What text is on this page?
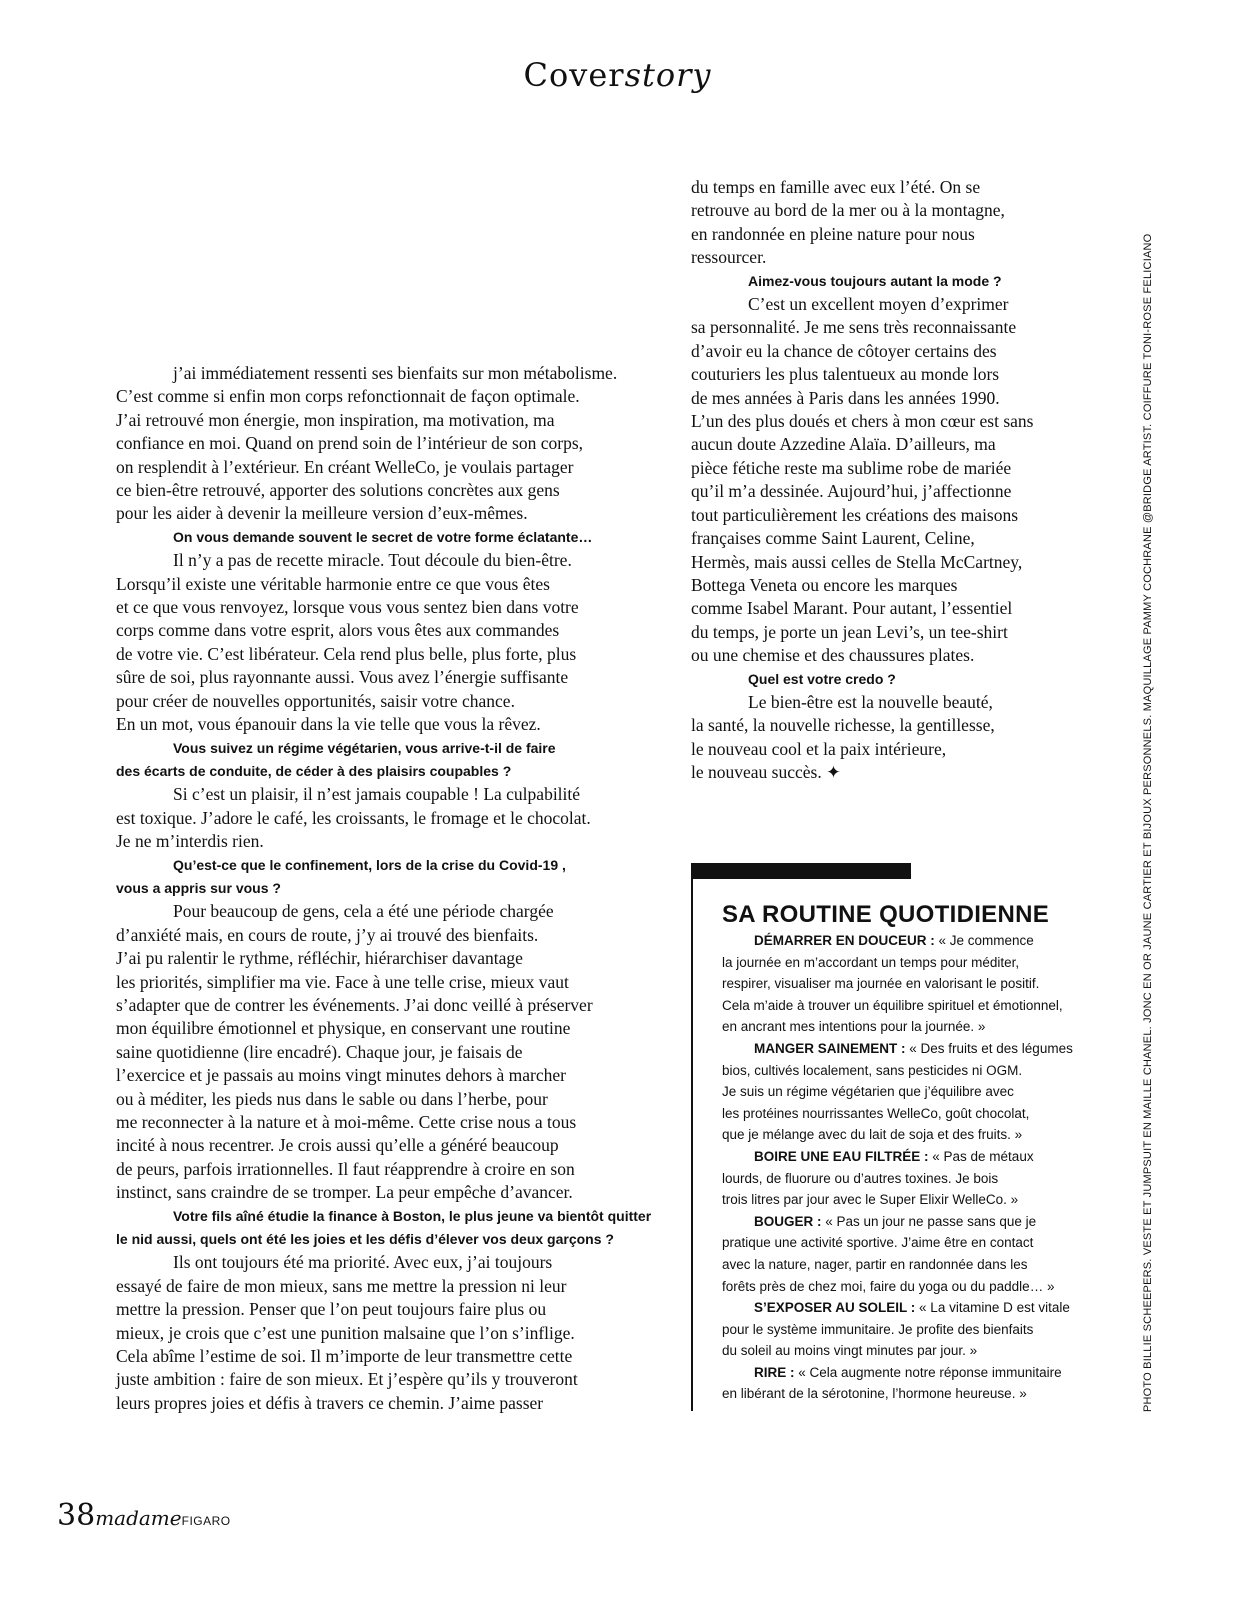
Coverstory
j’ai immédiatement ressenti ses bienfaits sur mon métabolisme.
C’est comme si enfin mon corps refonctionnait de façon optimale.
J’ai retrouvé mon énergie, mon inspiration, ma motivation, ma
confiance en moi. Quand on prend soin de l’intérieur de son corps,
on resplendit à l’extérieur. En créant WelleCo, je voulais partager
ce bien-être retrouvé, apporter des solutions concrètes aux gens
pour les aider à devenir la meilleure version d’eux-mêmes.
On vous demande souvent le secret de votre forme éclatante…
Il n’y a pas de recette miracle. Tout découle du bien-être.
Lorsqu’il existe une véritable harmonie entre ce que vous êtes
et ce que vous renvoyez, lorsque vous vous sentez bien dans votre
corps comme dans votre esprit, alors vous êtes aux commandes
de votre vie. C’est libérateur. Cela rend plus belle, plus forte, plus
sûre de soi, plus rayonnante aussi. Vous avez l’énergie suffisante
pour créer de nouvelles opportunités, saisir votre chance.
En un mot, vous épanouir dans la vie telle que vous la rêvez.
Vous suivez un régime végétarien, vous arrive-t-il de faire
des écarts de conduite, de céder à des plaisirs coupables ?
Si c’est un plaisir, il n’est jamais coupable ! La culpabilité
est toxique. J’adore le café, les croissants, le fromage et le chocolat.
Je ne m’interdis rien.
Qu’est-ce que le confinement, lors de la crise du Covid-19 ,
vous a appris sur vous ?
Pour beaucoup de gens, cela a été une période chargée
d’anxiété mais, en cours de route, j’y ai trouvé des bienfaits.
J’ai pu ralentir le rythme, réfléchir, hiérarchiser davantage
les priorités, simplifier ma vie. Face à une telle crise, mieux vaut
s’adapter que de contrer les événements. J’ai donc veillé à préserver
mon équilibre émotionnel et physique, en conservant une routine
saine quotidienne (lire encadré). Chaque jour, je faisais de
l’exercice et je passais au moins vingt minutes dehors à marcher
ou à méditer, les pieds nus dans le sable ou dans l’herbe, pour
me reconnecter à la nature et à moi-même. Cette crise nous a tous
incité à nous recentrer. Je crois aussi qu’elle a généré beaucoup
de peurs, parfois irrationnelles. Il faut réapprendre à croire en son
instinct, sans craindre de se tromper. La peur empêche d’avancer.
Votre fils aîné étudie la finance à Boston, le plus jeune va bientôt quitter
le nid aussi, quels ont été les joies et les défis d’élever vos deux garçons ?
Ils ont toujours été ma priorité. Avec eux, j’ai toujours
essayé de faire de mon mieux, sans me mettre la pression ni leur
mettre la pression. Penser que l’on peut toujours faire plus ou
mieux, je crois que c’est une punition malsaine que l’on s’inflige.
Cela abîme l’estime de soi. Il m’importe de leur transmettre cette
juste ambition : faire de son mieux. Et j’espère qu’ils y trouveront
leurs propres joies et défis à travers ce chemin. J’aime passer
du temps en famille avec eux l’été. On se
retrouve au bord de la mer ou à la montagne,
en randonnée en pleine nature pour nous
ressourcer.
Aimez-vous toujours autant la mode ?
C’est un excellent moyen d’exprimer
sa personnalité. Je me sens très reconnaissante
d’avoir eu la chance de côtoyer certains des
couturiers les plus talentueux au monde lors
de mes années à Paris dans les années 1990.
L’un des plus doués et chers à mon cœur est sans
aucun doute Azzedine Alaïa. D’ailleurs, ma
pièce fétiche reste ma sublime robe de mariée
qu’il m’a dessinée. Aujourd’hui, j’affectionne
tout particulièrement les créations des maisons
françaises comme Saint Laurent, Celine,
Hermès, mais aussi celles de Stella McCartney,
Bottega Veneta ou encore les marques
comme Isabel Marant. Pour autant, l’essentiel
du temps, je porte un jean Levi’s, un tee-shirt
ou une chemise et des chaussures plates.
Quel est votre credo ?
Le bien-être est la nouvelle beauté,
la santé, la nouvelle richesse, la gentillesse,
le nouveau cool et la paix intérieure,
le nouveau succès. ✦
SA ROUTINE QUOTIDIENNE
DÉMARRER EN DOUCEUR : « Je commence
la journée en m’accordant un temps pour méditer,
respirer, visualiser ma journée en valorisant le positif.
Cela m’aide à trouver un équilibre spirituel et émotionnel,
en ancrant mes intentions pour la journée. »
MANGER SAINEMENT : « Des fruits et des légumes
bios, cultivés localement, sans pesticides ni OGM.
Je suis un régime végétarien que j’équilibre avec
les protéines nourrissantes WelleCo, goût chocolat,
que je mélange avec du lait de soja et des fruits. »
BOIRE UNE EAU FILTRÉE : « Pas de métaux
lourds, de fluorure ou d’autres toxines. Je bois
trois litres par jour avec le Super Elixir WelleCo. »
BOUGER : « Pas un jour ne passe sans que je
pratique une activité sportive. J’aime être en contact
avec la nature, nager, partir en randonnée dans les
forêts près de chez moi, faire du yoga ou du paddle… »
S’EXPOSER AU SOLEIL : « La vitamine D est vitale
pour le système immunitaire. Je profite des bienfaits
du soleil au moins vingt minutes par jour. »
RIRE : « Cela augmente notre réponse immunitaire
en libérant de la sérotonine, l’hormone heureuse. »	PHOTO BILLIE SCHEEPERS. VESTE ET JUMPSUIT EN MAILLE CHANEL. JONC EN OR JAUNE CARTIER ET BIJOUX PERSONNELS. MAQUILLAGE PAMMY COCHRANE @BRIDGE ARTIST. COIFFURE TONI-ROSE FELICIANO
38madameFIGARO
